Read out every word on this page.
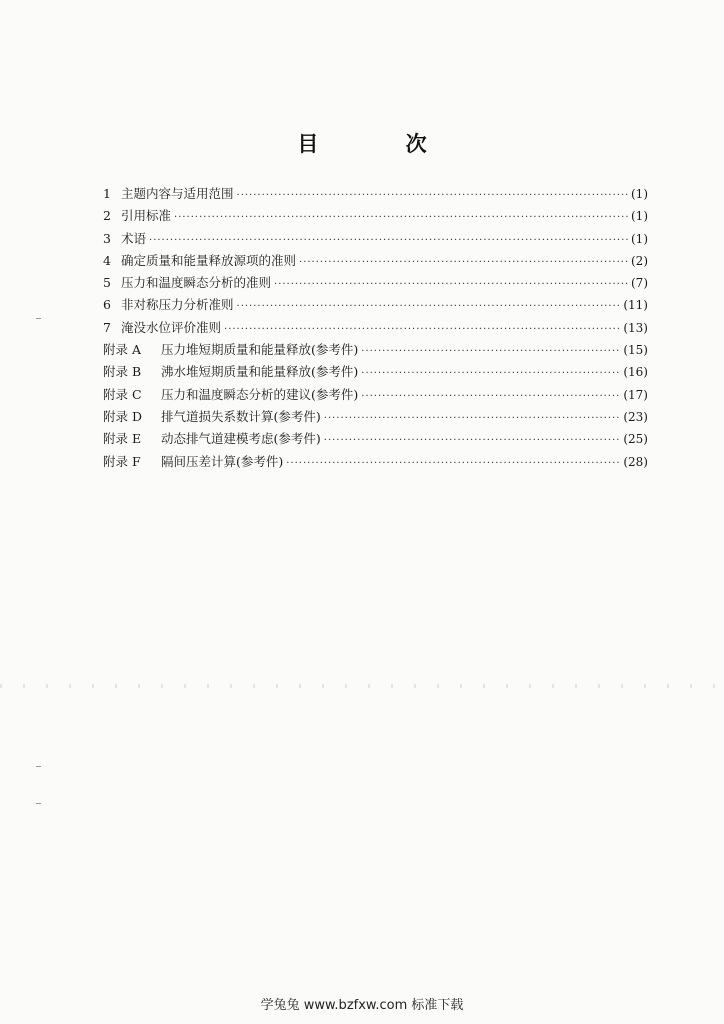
目 次
1 主题内容与适用范围 ·····	(1)
2 引用标准 ·····	(1)
3 术语 ·····	(1)
4 确定质量和能量释放源项的准则 ·····	(2)
5 压力和温度瞬态分析的准则 ·····	(7)
6 非对称压力分析准则 ·····	(11)
7 淹没水位评价准则 ·····	(13)
附录 A	压力堆短期质量和能量释放(参考件) ·····	(15)
附录 B	沸水堆短期质量和能量释放(参考件) ·····	(16)
附录 C	压力和温度瞬态分析的建议(参考件) ·····	(17)
附录 D	排气道损失系数计算(参考件) ·····	(23)
附录 E	动态排气道建模考虑(参考件) ·····	(25)
附录 F	隔间压差计算(参考件) ·····	(28)
学兔兔 www.bzfxw.com 标准下载
